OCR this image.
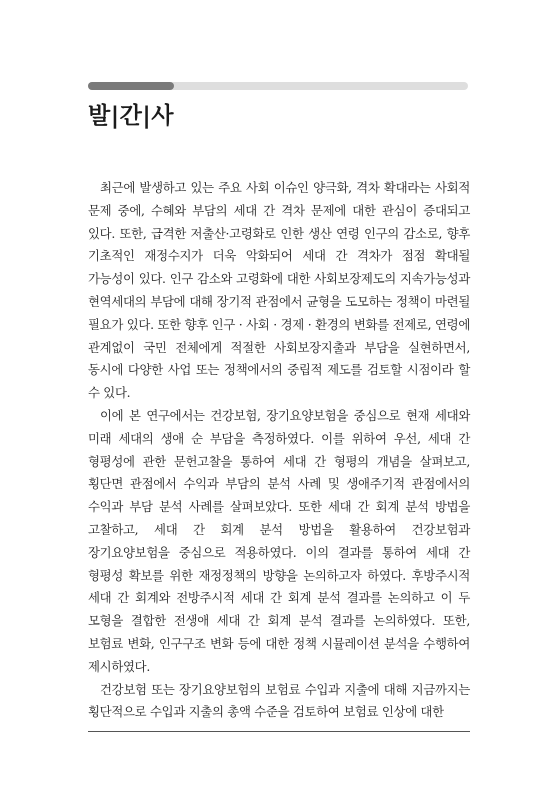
발|간|사

최근에 발생하고 있는 주요 사회 이슈인 양극화, 격차 확대라는 사회적 문제 중에, 수혜와 부담의 세대 간 격차 문제에 대한 관심이 증대되고 있다. 또한, 급격한 저출산·고령화로 인한 생산 연령 인구의 감소로, 향후 기초적인 재정수지가 더욱 악화되어 세대 간 격차가 점점 확대될 가능성이 있다. 인구 감소와 고령화에 대한 사회보장제도의 지속가능성과 현역세대의 부담에 대해 장기적 관점에서 균형을 도모하는 정책이 마련될 필요가 있다. 또한 향후 인구 · 사회 · 경제 · 환경의 변화를 전제로, 연령에 관계없이 국민 전체에게 적절한 사회보장지출과 부담을 실현하면서, 동시에 다양한 사업 또는 정책에서의 중립적 제도를 검토할 시점이라 할 수 있다.

이에 본 연구에서는 건강보험, 장기요양보험을 중심으로 현재 세대와 미래 세대의 생애 순 부담을 측정하였다. 이를 위하여 우선, 세대 간 형평성에 관한 문헌고찰을 통하여 세대 간 형평의 개념을 살펴보고, 횡단면 관점에서 수익과 부담의 분석 사례 및 생애주기적 관점에서의 수익과 부담 분석 사례를 살펴보았다. 또한 세대 간 회계 분석 방법을 고찰하고, 세대 간 회계 분석 방법을 활용하여 건강보험과 장기요양보험을 중심으로 적용하였다. 이의 결과를 통하여 세대 간 형평성 확보를 위한 재정정책의 방향을 논의하고자 하였다. 후방주시적 세대 간 회계와 전방주시적 세대 간 회계 분석 결과를 논의하고 이 두 모형을 결합한 전생애 세대 간 회계 분석 결과를 논의하였다. 또한, 보험료 변화, 인구구조 변화 등에 대한 정책 시뮬레이션 분석을 수행하여 제시하였다.

건강보험 또는 장기요양보험의 보험료 수입과 지출에 대해 지금까지는 횡단적으로 수입과 지출의 총액 수준을 검토하여 보험료 인상에 대한
